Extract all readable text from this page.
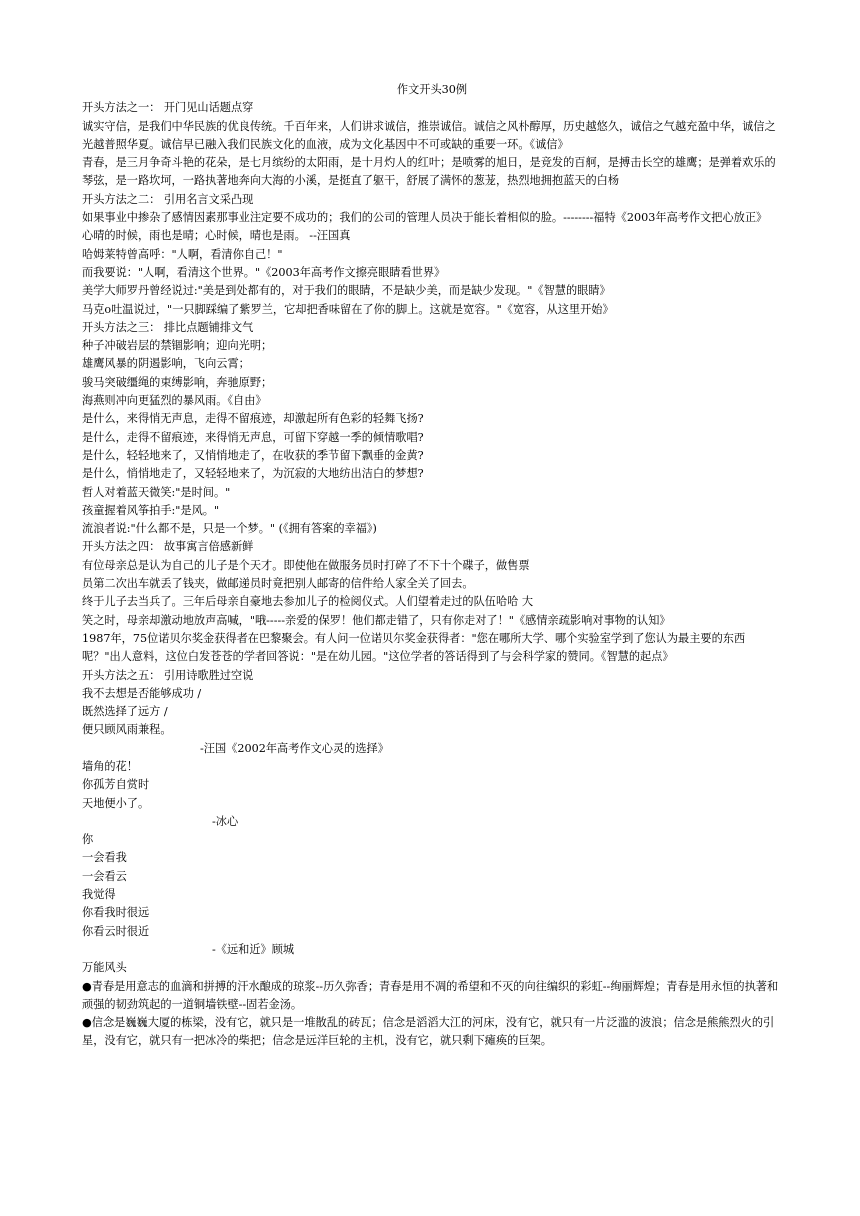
作文开头30例
开头方法之一： 开门见山话题点穿
诚实守信，是我们中华民族的优良传统。千百年来，人们讲求诚信，推崇诚信。诚信之风朴醇厚，历史越悠久，诚信之气越充盈中华，诚信之光越普照华夏。诚信早已融入我们民族文化的血液，成为文化基因中不可或缺的重要一环。《诚信》
青春，是三月争奇斗艳的花朵，是七月缤纷的太阳雨，是十月灼人的红叶；是喷雾的旭日，是竞发的百舸，是搏击长空的雄鹰；是弹着欢乐的琴弦，是一路坎坷，一路执著地奔向大海的小溪，是挺直了躯干，舒展了满怀的葱茏，热烈地拥抱蓝天的白杨
开头方法之二： 引用名言文采凸现
如果事业中掺杂了感情因素那事业注定要不成功的；我们的公司的管理人员决于能长着相似的脸。--------福特《2003年高考作文把心放正》
心晴的时候，雨也是晴；心时候，晴也是雨。 --汪国真
哈姆莱特曾高呼："人啊，看清你自己！"
而我要说："人啊，看清这个世界。"《2003年高考作文擦亮眼睛看世界》
美学大师罗丹曾经说过:"美是到处都有的，对于我们的眼睛，不是缺少美，而是缺少发现。"《智慧的眼睛》
马克o吐温说过，"一只脚踩编了紫罗兰，它却把香味留在了你的脚上。这就是宽容。"《宽容，从这里开始》
开头方法之三： 排比点题铺排文气
种子冲破岩层的禁锢影响；迎向光明；
雄鹰风暴的阴遏影响，飞向云霄；
骏马突破缰绳的束缚影响，奔驰原野；
海燕则冲向更猛烈的暴风雨。《自由》
是什么，来得悄无声息，走得不留痕迹，却激起所有色彩的轻舞飞扬?
是什么，走得不留痕迹，来得悄无声息，可留下穿越一季的倾情歌唱?
是什么，轻轻地来了，又悄悄地走了，在收获的季节留下飘垂的金黄?
是什么，悄悄地走了，又轻轻地来了，为沉寂的大地纺出洁白的梦想?
哲人对着蓝天微笑:"是时间。"
孩童握着风筝拍手:"是风。"
流浪者说:"什么都不是，只是一个梦。" (《拥有答案的幸福》)
开头方法之四： 故事寓言倍感新鲜
有位母亲总是认为自己的儿子是个天才。即使他在做服务员时打碎了不下十个碟子，做售票
员第二次出车就丢了钱夹，做邮递员时竟把别人邮寄的信件给人家全关了回去。
终于儿子去当兵了。三年后母亲自豪地去参加儿子的检阅仪式。人们望着走过的队伍哈哈 大
笑之时，母亲却激动地放声高喊，"哦-----亲爱的保罗！他们都走错了，只有你走对了！"《感情亲疏影响对事物的认知》
1987年，75位诺贝尔奖金获得者在巴黎聚会。有人问一位诺贝尔奖金获得者："您在哪所大学、哪个实验室学到了您认为最主要的东西呢？"出人意料，这位白发苍苍的学者回答说："是在幼儿园。"这位学者的答话得到了与会科学家的赞同。《智慧的起点》
开头方法之五： 引用诗歌胜过空说
我不去想是否能够成功 /
既然选择了远方 /
便只顾风雨兼程。
-汪国《2002年高考作文心灵的选择》
墙角的花！
你孤芳自赏时
天地便小了。
-冰心
你
一会看我
一会看云
我觉得
你看我时很远
你看云时很近
-《远和近》顾城
万能风头
●青春是用意志的血滴和拼搏的汗水酿成的琼浆--历久弥香；青春是用不凋的希望和不灭的向往编织的彩虹--绚丽辉煌；青春是用永恒的执著和顽强的韧劲筑起的一道铜墙铁壁--固若金汤。
●信念是巍巍大厦的栋梁，没有它，就只是一堆散乱的砖瓦；信念是滔滔大江的河床，没有它，就只有一片泛滥的波浪；信念是熊熊烈火的引星，没有它，就只有一把冰冷的柴把；信念是远洋巨轮的主机，没有它，就只剩下瘫痪的巨架。
